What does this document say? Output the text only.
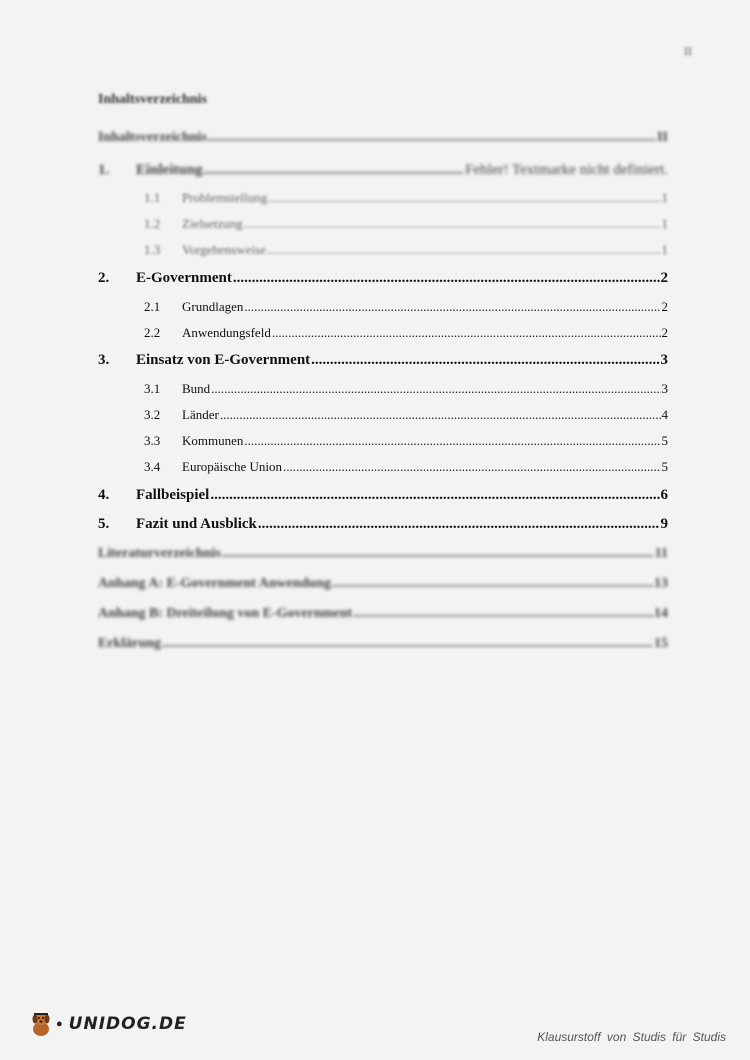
II
Inhaltsverzeichnis
Inhaltsverzeichnis .....	II
1.	Einleitung .....	Fehler! Textmarke nicht definiert.
1.1	Problemstellung .....	1
1.2	Zielsetzung .....	1
1.3	Vorgehensweise .....	1
2.	E-Government .....	2
2.1	Grundlagen .....	2
2.2	Anwendungsfeld .....	2
3.	Einsatz von E-Government .....	3
3.1	Bund .....	3
3.2	Länder .....	4
3.3	Kommunen .....	5
3.4	Europäische Union .....	5
4.	Fallbeispiel .....	6
5.	Fazit und Ausblick .....	9
Literaturverzeichnis .....	11
Anhang A: E-Government Anwendung .....	13
Anhang B: Dreiteilung von E-Government .....	14
Erklärung .....	15
● UNIDOG.DE
Klausurstoff von Studis für Studis
